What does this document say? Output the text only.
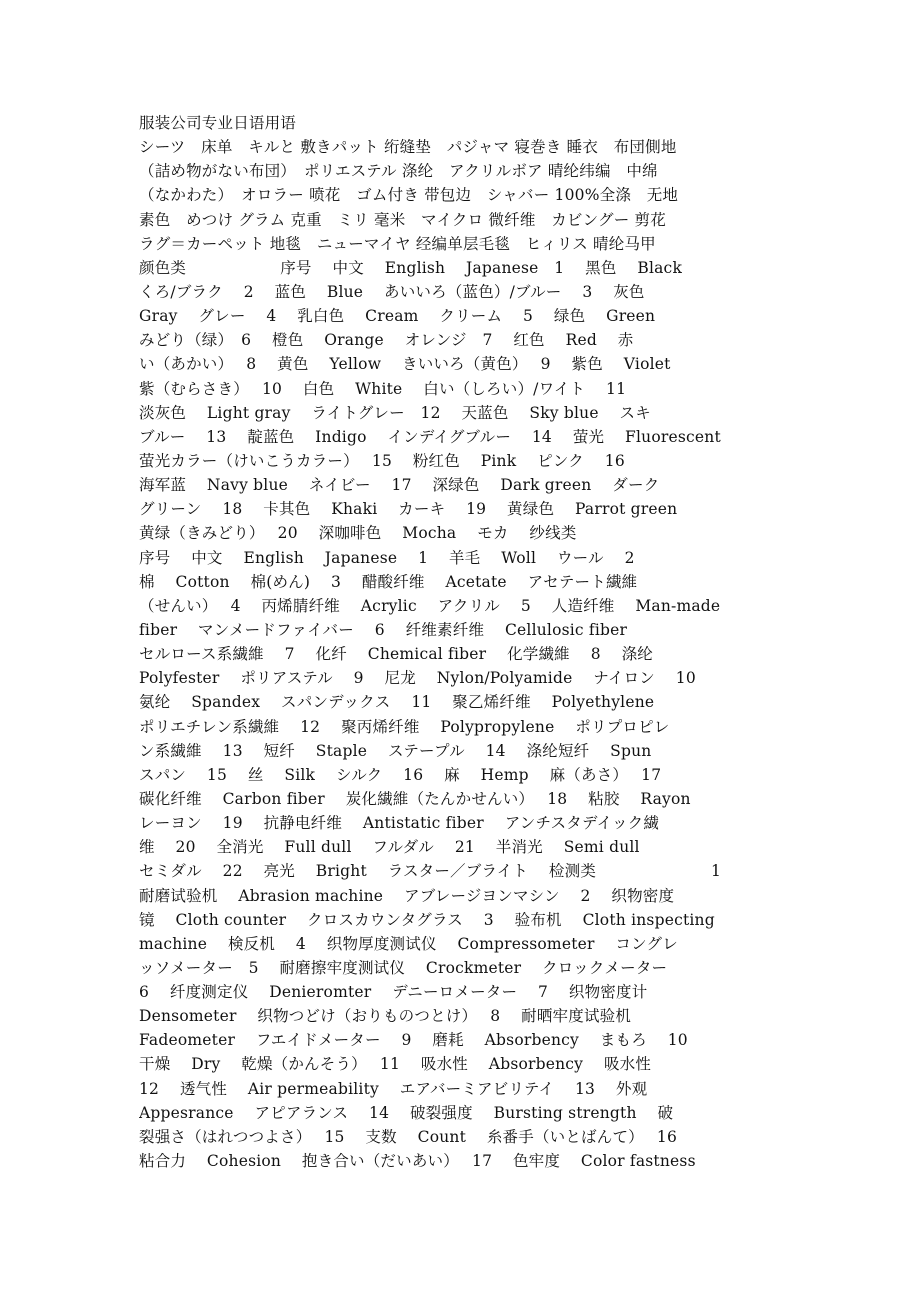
服装公司专业日语用语
シーツ　床单　キルと 敷きパット 绗缝垫　パジャマ 寝巻き 睡衣　布団側地
（詰め物がない布団）　ポリエステル 涤纶　アクリルボア 晴纶纬编　中绵
（なかわた）　オロラー 喷花　ゴム付き 带包边　シャバー 100%全涤　无地
素色　めつけ グラム 克重　ミリ 毫米　マイクロ 微纤维　カビングー 剪花
ラグ＝カーペット 地毯　ニューマイヤ 经编单层毛毯　ヒィリス 晴纶马甲
颜色类　　　　　　序号　 中文　 English　 Japanese　1　 黑色　 Black
くろ/ブラク　 2　 蓝色　 Blue　 あいいろ（蓝色）/ブルー　 3　 灰色
Gray　 グレー　 4　 乳白色　 Cream　 クリーム　 5　 绿色　 Green
みどり（绿）　6　 橙色　 Orange　 オレンジ　7　 红色　 Red　 赤
い（あかい）　 8　 黄色　 Yellow　 きいいろ（黄色）　 9　 紫色　 Violet
紫（むらさき）　 10　 白色　 White　 白い（しろい）/ワイト　 11
淡灰色　 Light gray　 ライトグレー　12　 天蓝色　 Sky blue　 スキ
ブルー　 13　 靛蓝色　 Indigo　 インデイグブルー　 14　 萤光　 Fluorescent
萤光カラー（けいこうカラー）　 15　 粉红色　 Pink　 ピンク　 16
海军蓝　 Navy blue　 ネイビー　 17　 深绿色　 Dark green　 ダーク
グリーン　 18　 卡其色　 Khaki　 カーキ　 19　 黄绿色　 Parrot green
黄绿（きみどり）　 20　 深咖啡色　 Mocha　 モカ　 纱线类
序号　 中文　 English　 Japanese　 1　 羊毛　 Woll　 ウール　 2
棉　 Cotton　 棉(めん)　 3　 醋酸纤维　 Acetate　 アセテート繊維
（せんい）　 4　 丙烯腈纤维　 Acrylic　 アクリル　 5　 人造纤维　 Man-made
fiber　 マンメードファイバー　 6　 纤维素纤维　 Cellulosic fiber
セルロース系繊維　 7　 化纤　 Chemical fiber　 化学繊維　 8　 涤纶
Polyfester　 ポリアステル　 9　 尼龙　 Nylon/Polyamide　 ナイロン　 10
氨纶　 Spandex　 スパンデックス　 11　 聚乙烯纤维　 Polyethylene
ポリエチレン系繊維　 12　 聚丙烯纤维　 Polypropylene　 ポリプロピレ
ン系繊維　 13　 短纤　 Staple　 ステープル　 14　 涤纶短纤　 Spun
スパン　 15　 丝　 Silk　 シルク　 16　 麻　 Hemp　 麻（あさ）　 17
碳化纤维　 Carbon fiber　 炭化繊維（たんかせんい）　 18　 粘胶　 Rayon
レーヨン　 19　 抗静电纤维　 Antistatic fiber　 アンチスタデイック繊
维　 20　 全消光　 Full dull　 フルダル　 21　 半消光　 Semi dull
セミダル　 22　 亮光　 Bright　 ラスター／ブライト　 检测类　　　　　　　 1
耐磨试验机　 Abrasion machine　 アブレージヨンマシン　 2　 织物密度
镜　 Cloth counter　 クロスカウンタグラス　 3　 验布机　 Cloth inspecting
machine　 検反机　 4　 织物厚度测试仪　 Compressometer　 コングレ
ッソメーター　5　 耐磨擦牢度测试仪　 Crockmeter　 クロックメーター
6　 纤度测定仪　 Denieromter　 デニーロメーター　 7　 织物密度计
Densometer　 织物つどけ（おりものつとけ）　 8　 耐晒牢度试验机
Fadeometer　 フエイドメーター　 9　 磨耗　 Absorbency　 まもろ　 10
干燥　 Dry　 乾燥（かんそう）　 11　 吸水性　 Absorbency　 吸水性
12　 透气性　 Air permeability　 エアバーミアビリテイ　 13　 外观
Appesrance　 アピアランス　 14　 破裂强度　 Bursting strength　 破
裂强さ（はれつつよさ）　 15　 支数　 Count　 糸番手（いとばんて）　 16
粘合力　 Cohesion　 抱き合い（だいあい）　 17　 色牢度　 Color fastness
